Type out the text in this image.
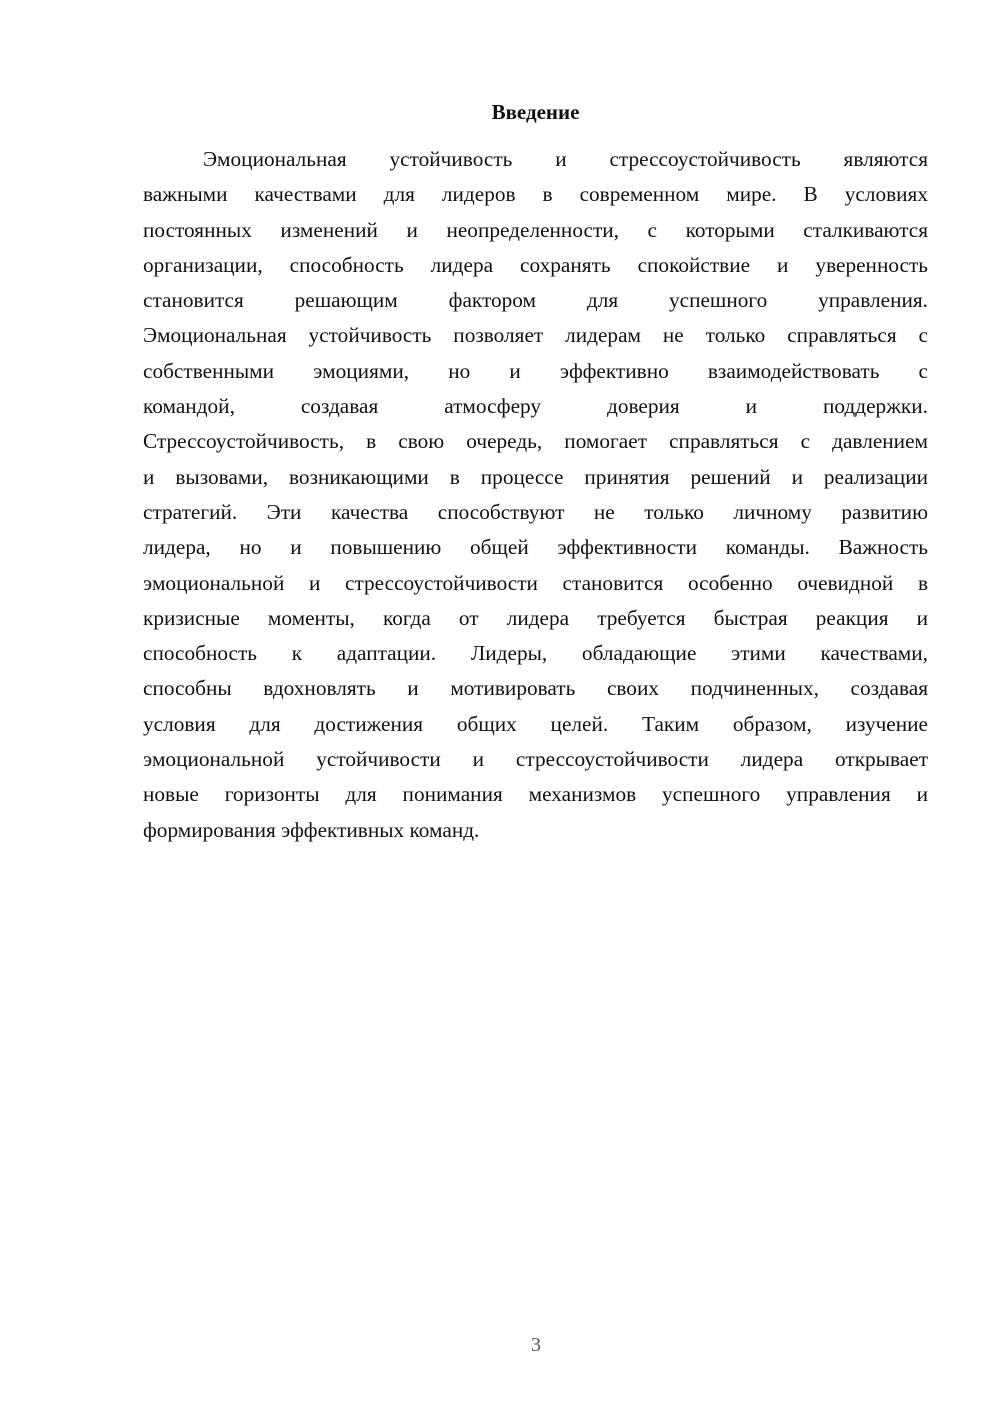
Введение
Эмоциональная устойчивость и стрессоустойчивость являются
важными качествами для лидеров в современном мире. В условиях
постоянных изменений и неопределенности, с которыми сталкиваются
организации, способность лидера сохранять спокойствие и уверенность
становится решающим фактором для успешного управления.
Эмоциональная устойчивость позволяет лидерам не только справляться с
собственными эмоциями, но и эффективно взаимодействовать с
командой, создавая атмосферу доверия и поддержки.
Стрессоустойчивость, в свою очередь, помогает справляться с давлением
и вызовами, возникающими в процессе принятия решений и реализации
стратегий. Эти качества способствуют не только личному развитию
лидера, но и повышению общей эффективности команды. Важность
эмоциональной и стрессоустойчивости становится особенно очевидной в
кризисные моменты, когда от лидера требуется быстрая реакция и
способность к адаптации. Лидеры, обладающие этими качествами,
способны вдохновлять и мотивировать своих подчиненных, создавая
условия для достижения общих целей. Таким образом, изучение
эмоциональной устойчивости и стрессоустойчивости лидера открывает
новые горизонты для понимания механизмов успешного управления и
формирования эффективных команд.
3
